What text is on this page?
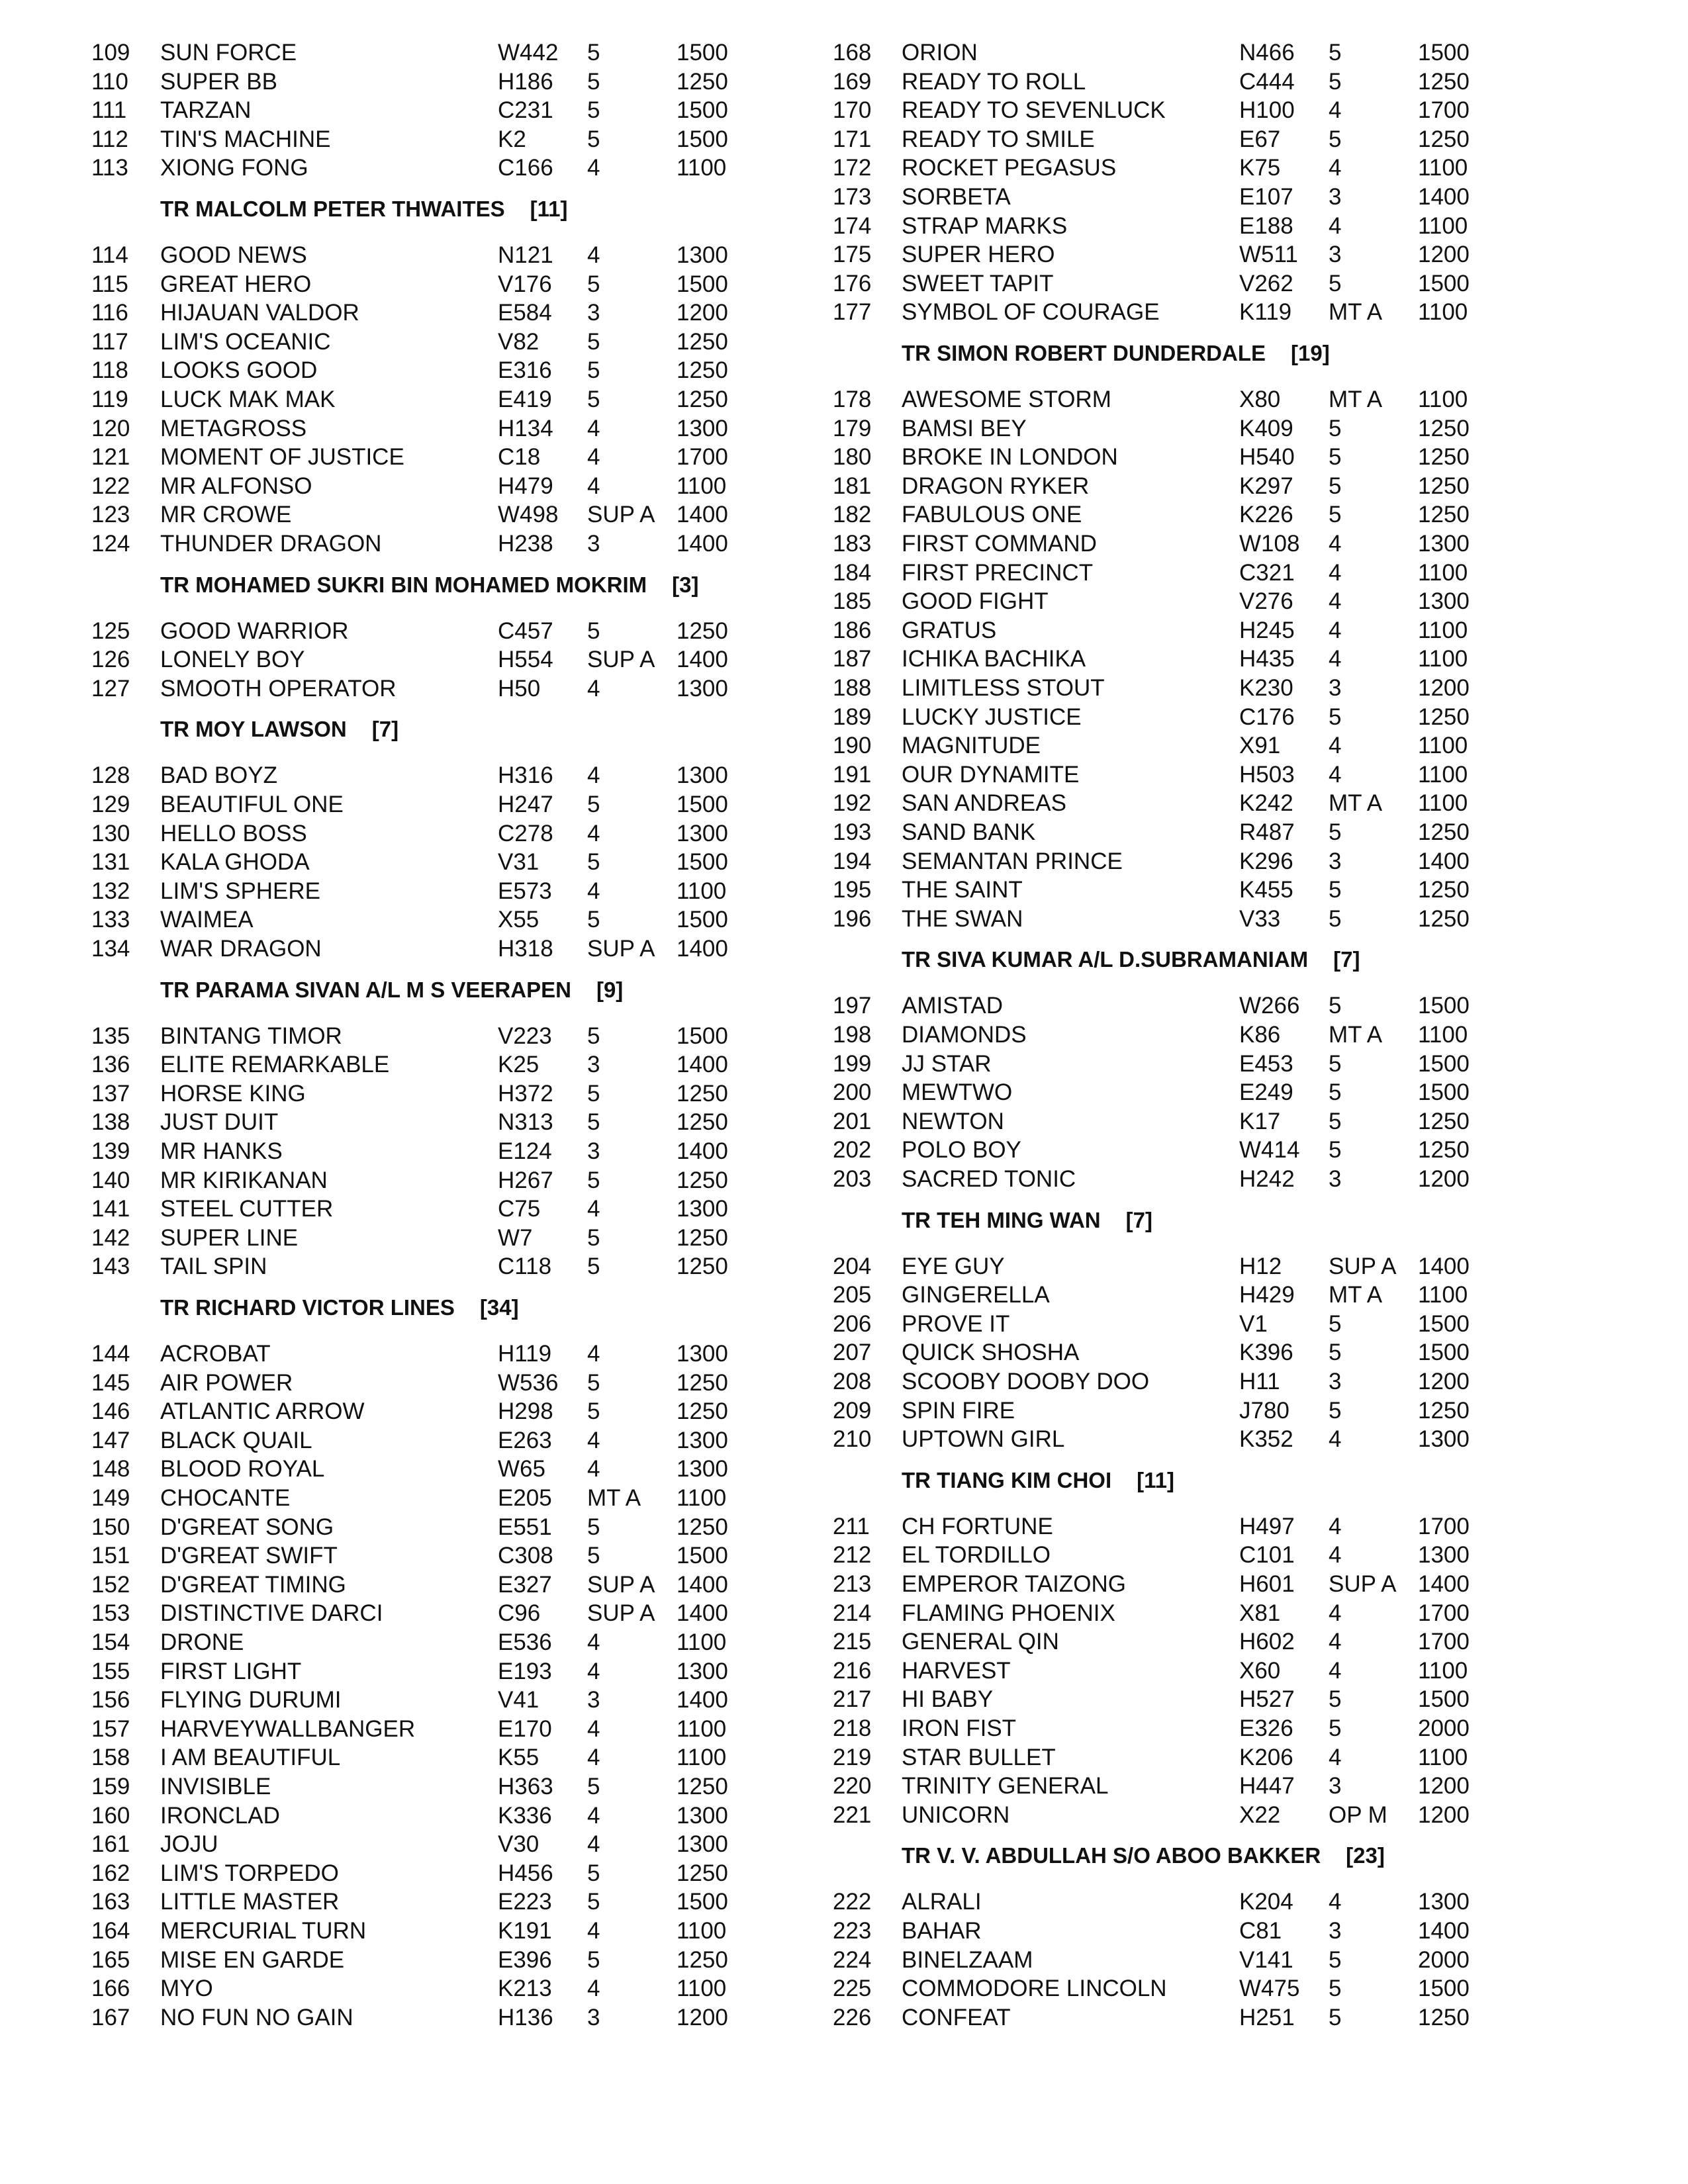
109 SUN FORCE	W442 5	1500
110 SUPER BB	H186 5	1250
111 TARZAN	C231 5	1500
112 TIN'S MACHINE	K2	5	1500
113 XIONG FONG	C166 4	1100
TR MALCOLM PETER THWAITES [11]
114 GOOD NEWS	N121 4	1300
115 GREAT HERO	V176 5	1500
116 HIJAUAN VALDOR	E584 3	1200
117 LIM'S OCEANIC	V82 5	1250
118 LOOKS GOOD	E316 5	1250
119 LUCK MAK MAK	E419 5	1250
120 METAGROSS	H134 4	1300
121 MOMENT OF JUSTICE	C18 4	1700
122 MR ALFONSO	H479 4	1100
123 MR CROWE	W498 SUP A 1400
124 THUNDER DRAGON	H238 3	1400
TR MOHAMED SUKRI BIN MOHAMED MOKRIM [3]
125 GOOD WARRIOR	C457 5	1250
126 LONELY BOY	H554 SUP A 1400
127 SMOOTH OPERATOR	H50 4	1300
TR MOY LAWSON [7]
128 BAD BOYZ	H316 4	1300
129 BEAUTIFUL ONE	H247 5	1500
130 HELLO BOSS	C278 4	1300
131 KALA GHODA	V31 5	1500
132 LIM'S SPHERE	E573 4	1100
133 WAIMEA	X55 5	1500
134 WAR DRAGON	H318 SUP A 1400
TR PARAMA SIVAN A/L M S VEERAPEN [9]
135 BINTANG TIMOR	V223 5	1500
136 ELITE REMARKABLE	K25 3	1400
137 HORSE KING	H372 5	1250
138 JUST DUIT	N313 5	1250
139 MR HANKS	E124 3	1400
140 MR KIRIKANAN	H267 5	1250
141 STEEL CUTTER	C75 4	1300
142 SUPER LINE	W7 5	1250
143 TAIL SPIN	C118 5	1250
TR RICHARD VICTOR LINES [34]
144 ACROBAT	H119 4	1300
145 AIR POWER	W536 5	1250
146 ATLANTIC ARROW	H298 5	1250
147 BLACK QUAIL	E263 4	1300
148 BLOOD ROYAL	W65 4	1300
149 CHOCANTE	E205 MT A 1100
150 D'GREAT SONG	E551 5	1250
151 D'GREAT SWIFT	C308 5	1500
152 D'GREAT TIMING	E327 SUP A 1400
153 DISTINCTIVE DARCI	C96 SUP A 1400
154 DRONE	E536 4	1100
155 FIRST LIGHT	E193 4	1300
156 FLYING DURUMI	V41 3	1400
157 HARVEYWALLBANGER	E170 4	1100
158 I AM BEAUTIFUL	K55 4	1100
159 INVISIBLE	H363 5	1250
160 IRONCLAD	K336 4	1300
161 JOJU	V30 4	1300
162 LIM'S TORPEDO	H456 5	1250
163 LITTLE MASTER	E223 5	1500
164 MERCURIAL TURN	K191 4	1100
165 MISE EN GARDE	E396 5	1250
166 MYO	K213 4	1100
167 NO FUN NO GAIN	H136 3	1200
168 ORION	N466 5	1500
169 READY TO ROLL	C444 5	1250
170 READY TO SEVENLUCK	H100 4	1700
171 READY TO SMILE	E67 5	1250
172 ROCKET PEGASUS	K75 4	1100
173 SORBETA	E107 3	1400
174 STRAP MARKS	E188 4	1100
175 SUPER HERO	W511 3	1200
176 SWEET TAPIT	V262 5	1500
177 SYMBOL OF COURAGE	K119 MT A 1100
TR SIMON ROBERT DUNDERDALE [19]
178 AWESOME STORM	X80 MT A 1100
179 BAMSI BEY	K409 5	1250
180 BROKE IN LONDON	H540 5	1250
181 DRAGON RYKER	K297 5	1250
182 FABULOUS ONE	K226 5	1250
183 FIRST COMMAND	W108 4	1300
184 FIRST PRECINCT	C321 4	1100
185 GOOD FIGHT	V276 4	1300
186 GRATUS	H245 4	1100
187 ICHIKA BACHIKA	H435 4	1100
188 LIMITLESS STOUT	K230 3	1200
189 LUCKY JUSTICE	C176 5	1250
190 MAGNITUDE	X91 4	1100
191 OUR DYNAMITE	H503 4	1100
192 SAN ANDREAS	K242 MT A 1100
193 SAND BANK	R487 5	1250
194 SEMANTAN PRINCE	K296 3	1400
195 THE SAINT	K455 5	1250
196 THE SWAN	V33 5	1250
TR SIVA KUMAR A/L D.SUBRAMANIAM [7]
197 AMISTAD	W266 5	1500
198 DIAMONDS	K86 MT A 1100
199 JJ STAR	E453 5	1500
200 MEWTWO	E249 5	1500
201 NEWTON	K17 5	1250
202 POLO BOY	W414 5	1250
203 SACRED TONIC	H242 3	1200
TR TEH MING WAN [7]
204 EYE GUY	H12 SUP A 1400
205 GINGERELLA	H429 MT A 1100
206 PROVE IT	V1	5	1500
207 QUICK SHOSHA	K396 5	1500
208 SCOOBY DOOBY DOO	H11 3	1200
209 SPIN FIRE	J780 5	1250
210 UPTOWN GIRL	K352 4	1300
TR TIANG KIM CHOI [11]
211 CH FORTUNE	H497 4	1700
212 EL TORDILLO	C101 4	1300
213 EMPEROR TAIZONG	H601 SUP A 1400
214 FLAMING PHOENIX	X81 4	1700
215 GENERAL QIN	H602 4	1700
216 HARVEST	X60 4	1100
217 HI BABY	H527 5	1500
218 IRON FIST	E326 5	2000
219 STAR BULLET	K206 4	1100
220 TRINITY GENERAL	H447 3	1200
221 UNICORN	X22 OP M 1200
TR V. V. ABDULLAH S/O ABOO BAKKER [23]
222 ALRALI	K204 4	1300
223 BAHAR	C81 3	1400
224 BINELZAAM	V141 5	2000
225 COMMODORE LINCOLN	W475 5	1500
226 CONFEAT	H251 5	1250
